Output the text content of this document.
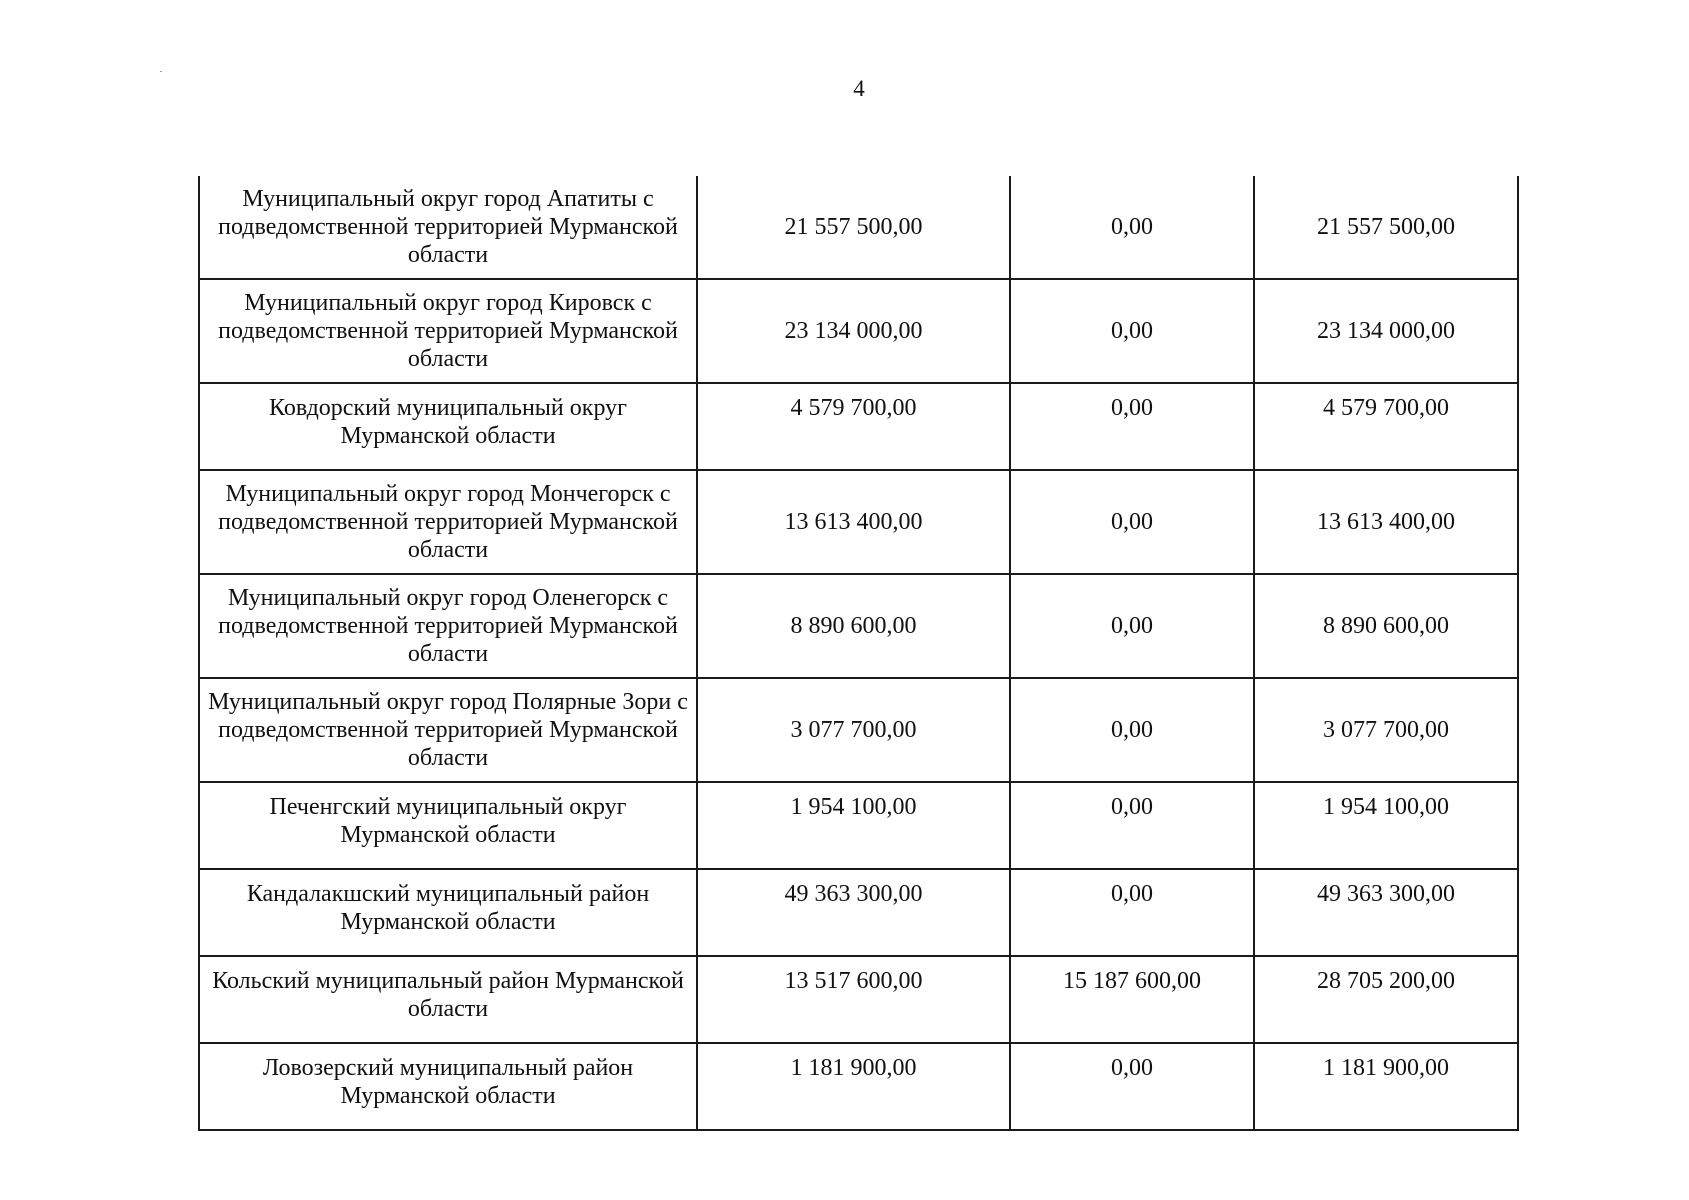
4
Муниципальный округ город Апатиты с подведомственной территорией Мурманской области	21 557 500,00	0,00	21 557 500,00
Муниципальный округ город Кировск с подведомственной территорией Мурманской области	23 134 000,00	0,00	23 134 000,00
Ковдорский муниципальный округ Мурманской области	4 579 700,00	0,00	4 579 700,00
Муниципальный округ город Мончегорск с подведомственной территорией Мурманской области	13 613 400,00	0,00	13 613 400,00
Муниципальный округ город Оленегорск с подведомственной территорией Мурманской области	8 890 600,00	0,00	8 890 600,00
Муниципальный округ город Полярные Зори с подведомственной территорией Мурманской области	3 077 700,00	0,00	3 077 700,00
Печенгский муниципальный округ Мурманской области	1 954 100,00	0,00	1 954 100,00
Кандалакшский муниципальный район Мурманской области	49 363 300,00	0,00	49 363 300,00
Кольский муниципальный район Мурманской области	13 517 600,00	15 187 600,00	28 705 200,00
Ловозерский муниципальный район Мурманской области	1 181 900,00	0,00	1 181 900,00
